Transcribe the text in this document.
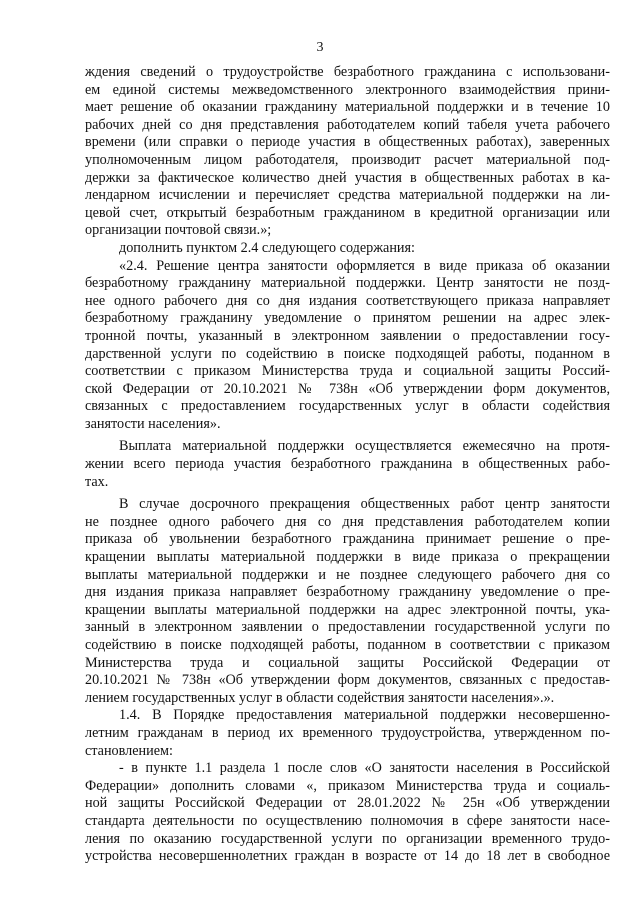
3
ждения сведений о трудоустройстве безработного гражданина с использовани-
ем единой системы межведомственного электронного взаимодействия прини-
мает решение об оказании гражданину материальной поддержки и в течение 10
рабочих дней со дня представления работодателем копий табеля учета рабочего
времени (или справки о периоде участия в общественных работах), заверенных
уполномоченным лицом работодателя, производит расчет материальной под-
держки за фактическое количество дней участия в общественных работах в ка-
лендарном исчислении и перечисляет средства материальной поддержки на ли-
цевой счет, открытый безработным гражданином в кредитной организации или
организации почтовой связи.»;
дополнить пунктом 2.4 следующего содержания:
«2.4. Решение центра занятости оформляется в виде приказа об оказании
безработному гражданину материальной поддержки. Центр занятости не позд-
нее одного рабочего дня со дня издания соответствующего приказа направляет
безработному гражданину уведомление о принятом решении на адрес элек-
тронной почты, указанный в электронном заявлении о предоставлении госу-
дарственной услуги по содействию в поиске подходящей работы, поданном в
соответствии с приказом Министерства труда и социальной защиты Россий-
ской Федерации от 20.10.2021 № 738н «Об утверждении форм документов,
связанных с предоставлением государственных услуг в области содействия
занятости населения».
Выплата материальной поддержки осуществляется ежемесячно на протя-
жении всего периода участия безработного гражданина в общественных рабо-
тах.
В случае досрочного прекращения общественных работ центр занятости
не позднее одного рабочего дня со дня представления работодателем копии
приказа об увольнении безработного гражданина принимает решение о пре-
кращении выплаты материальной поддержки в виде приказа о прекращении
выплаты материальной поддержки и не позднее следующего рабочего дня со
дня издания приказа направляет безработному гражданину уведомление о пре-
кращении выплаты материальной поддержки на адрес электронной почты, ука-
занный в электронном заявлении о предоставлении государственной услуги по
содействию в поиске подходящей работы, поданном в соответствии с приказом
Министерства труда и социальной защиты Российской Федерации от
20.10.2021 № 738н «Об утверждении форм документов, связанных с предостав-
лением государственных услуг в области содействия занятости населения».».
1.4. В Порядке предоставления материальной поддержки несовершенно-
летним гражданам в период их временного трудоустройства, утвержденном по-
становлением:
- в пункте 1.1 раздела 1 после слов «О занятости населения в Российской
Федерации» дополнить словами «, приказом Министерства труда и социаль-
ной защиты Российской Федерации от 28.01.2022 № 25н «Об утверждении
стандарта деятельности по осуществлению полномочия в сфере занятости насе-
ления по оказанию государственной услуги по организации временного трудо-
устройства несовершеннолетних граждан в возрасте от 14 до 18 лет в свободное
